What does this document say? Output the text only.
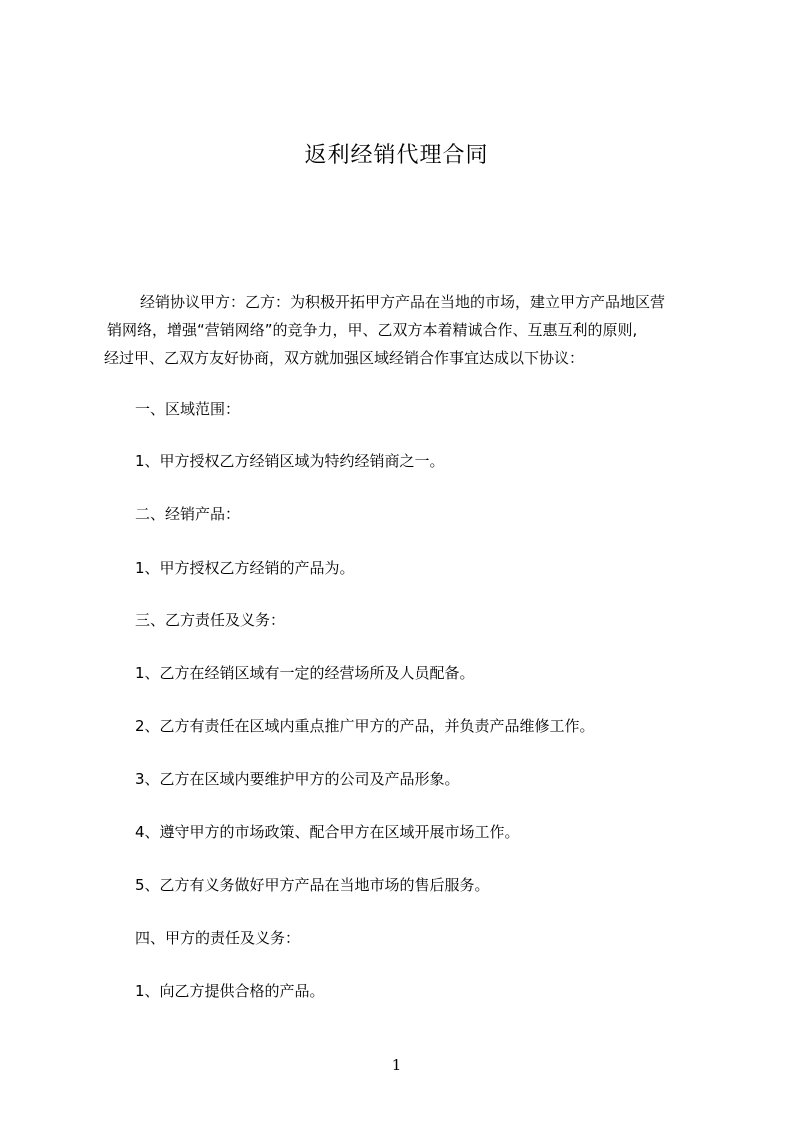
返利经销代理合同

经销协议甲方：乙方：为积极开拓甲方产品在当地的市场，建立甲方产品地区营

销网络，增强“营销网络”的竞争力，甲、乙双方本着精诚合作、互惠互利的原则,

经过甲、乙双方友好协商，双方就加强区域经销合作事宜达成以下协议：

一、区域范围：

1、甲方授权乙方经销区域为特约经销商之一。

二、经销产品：

1、甲方授权乙方经销的产品为。

三、乙方责任及义务：

1、乙方在经销区域有一定的经营场所及人员配备。

2、乙方有责任在区域内重点推广甲方的产品，并负责产品维修工作。

3、乙方在区域内要维护甲方的公司及产品形象。

4、遵守甲方的市场政策、配合甲方在区域开展市场工作。

5、乙方有义务做好甲方产品在当地市场的售后服务。

四、甲方的责任及义务：

1、向乙方提供合格的产品。

1
